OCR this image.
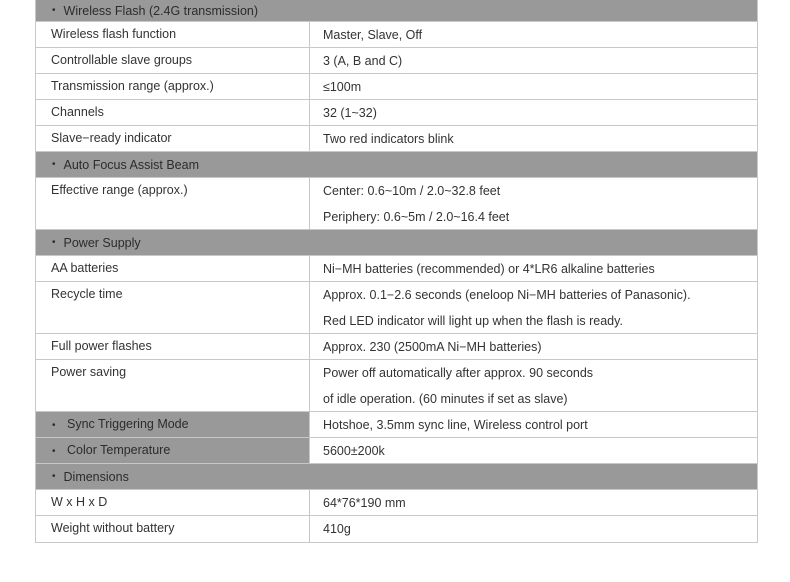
• Wireless Flash (2.4G transmission)
Wireless flash function	Master, Slave, Off
Controllable slave groups	3 (A, B and C)
Transmission range (approx.)	≤100m
Channels	32 (1~32)
Slave−ready indicator	Two red indicators blink
• Auto Focus Assist Beam
Effective range (approx.)	Center: 0.6~10m / 2.0~32.8 feet
Periphery: 0.6~5m / 2.0~16.4 feet
• Power Supply
AA batteries	Ni−MH batteries (recommended) or 4*LR6 alkaline batteries
Recycle time	Approx. 0.1−2.6 seconds (eneloop Ni−MH batteries of Panasonic).
Red LED indicator will light up when the flash is ready.
Full power flashes	Approx. 230 (2500mA Ni−MH batteries)
Power saving	Power off automatically after approx. 90 seconds
of idle operation. (60 minutes if set as slave)
• Sync Triggering Mode	Hotshoe, 3.5mm sync line, Wireless control port
• Color Temperature	5600±200k
• Dimensions
W x H x D	64*76*190 mm
Weight without battery	410g
